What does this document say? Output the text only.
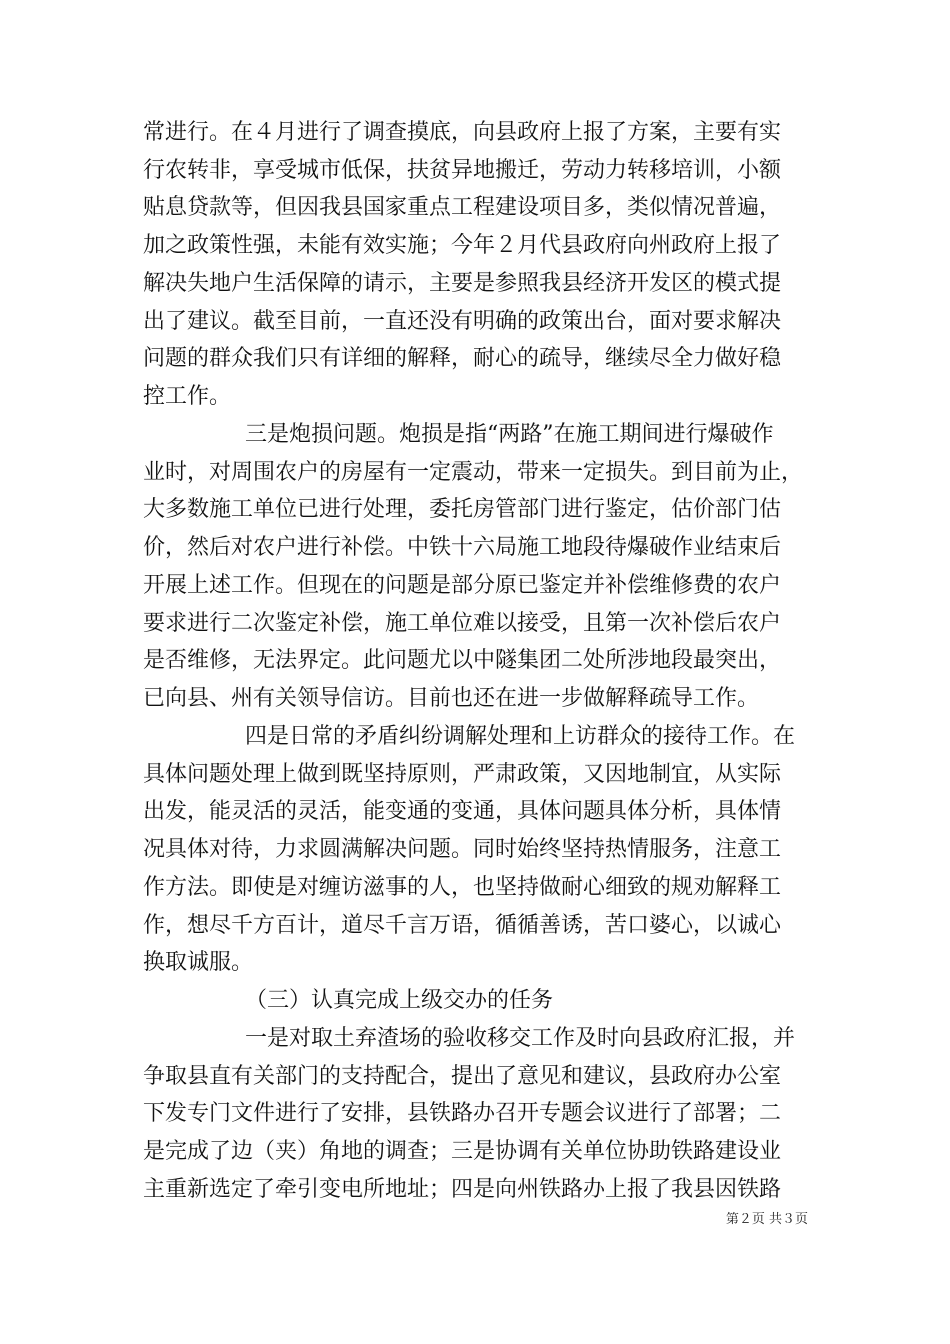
常进行。在４月进行了调查摸底，向县政府上报了方案，主要有实
行农转非，享受城市低保，扶贫异地搬迁，劳动力转移培训，小额
贴息贷款等，但因我县国家重点工程建设项目多，类似情况普遍，
加之政策性强，未能有效实施；今年２月代县政府向州政府上报了
解决失地户生活保障的请示，主要是参照我县经济开发区的模式提
出了建议。截至目前，一直还没有明确的政策出台，面对要求解决
问题的群众我们只有详细的解释，耐心的疏导，继续尽全力做好稳
控工作。
三是炮损问题。炮损是指“两路”在施工期间进行爆破作
业时，对周围农户的房屋有一定震动，带来一定损失。到目前为止，
大多数施工单位已进行处理，委托房管部门进行鉴定，估价部门估
价，然后对农户进行补偿。中铁十六局施工地段待爆破作业结束后
开展上述工作。但现在的问题是部分原已鉴定并补偿维修费的农户
要求进行二次鉴定补偿，施工单位难以接受，且第一次补偿后农户
是否维修，无法界定。此问题尤以中隧集团二处所涉地段最突出，
已向县、州有关领导信访。目前也还在进一步做解释疏导工作。
四是日常的矛盾纠纷调解处理和上访群众的接待工作。在
具体问题处理上做到既坚持原则，严肃政策，又因地制宜，从实际
出发，能灵活的灵活，能变通的变通，具体问题具体分析，具体情
况具体对待，力求圆满解决问题。同时始终坚持热情服务，注意工
作方法。即使是对缠访滋事的人，也坚持做耐心细致的规劝解释工
作，想尽千方百计，道尽千言万语，循循善诱，苦口婆心，以诚心
换取诚服。
（三）认真完成上级交办的任务
一是对取土弃渣场的验收移交工作及时向县政府汇报，并
争取县直有关部门的支持配合，提出了意见和建议，县政府办公室
下发专门文件进行了安排，县铁路办召开专题会议进行了部署；二
是完成了边（夹）角地的调查；三是协调有关单位协助铁路建设业
主重新选定了牵引变电所地址；四是向州铁路办上报了我县因铁路
第２页 共３页
